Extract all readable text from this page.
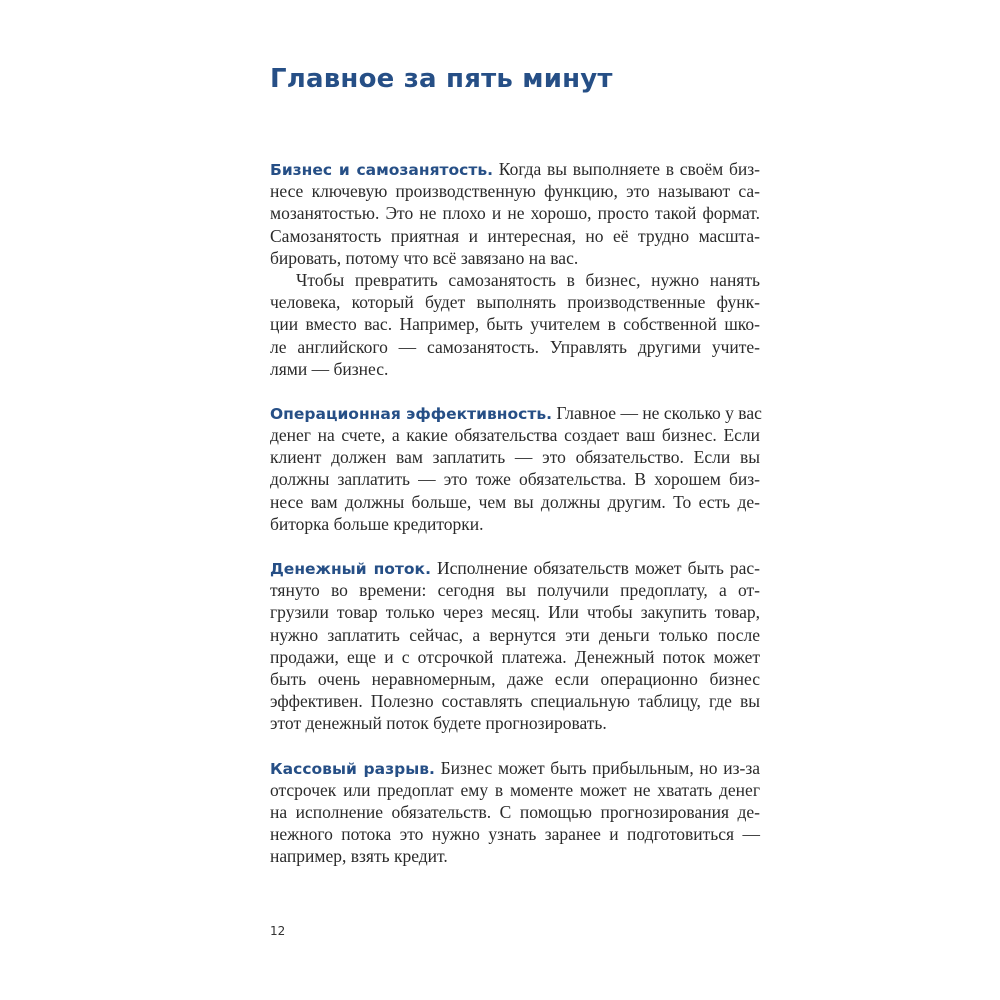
Главное за пять минут
Бизнес и самозанятость. Когда вы выполняете в своём биз-
несе ключевую производственную функцию, это называют са-
мозанятостью. Это не плохо и не хорошо, просто такой формат.
Самозанятость приятная и интересная, но её трудно масшта-
бировать, потому что всё завязано на вас.
Чтобы превратить самозанятость в бизнес, нужно нанять
человека, который будет выполнять производственные функ-
ции вместо вас. Например, быть учителем в собственной шко-
ле английского — самозанятость. Управлять другими учите-
лями — бизнес.
Операционная эффективность. Главное — не сколько у вас
денег на счете, а какие обязательства создает ваш бизнес. Если
клиент должен вам заплатить — это обязательство. Если вы
должны заплатить — это тоже обязательства. В хорошем биз-
несе вам должны больше, чем вы должны другим. То есть де-
биторка больше кредиторки.
Денежный поток. Исполнение обязательств может быть рас-
тянуто во времени: сегодня вы получили предоплату, а от-
грузили товар только через месяц. Или чтобы закупить товар,
нужно заплатить сейчас, а вернутся эти деньги только после
продажи, еще и с отсрочкой платежа. Денежный поток может
быть очень неравномерным, даже если операционно бизнес
эффективен. Полезно составлять специальную таблицу, где вы
этот денежный поток будете прогнозировать.
Кассовый разрыв. Бизнес может быть прибыльным, но из-за
отсрочек или предоплат ему в моменте может не хватать денег
на исполнение обязательств. С помощью прогнозирования де-
нежного потока это нужно узнать заранее и подготовиться —
например, взять кредит.
12
